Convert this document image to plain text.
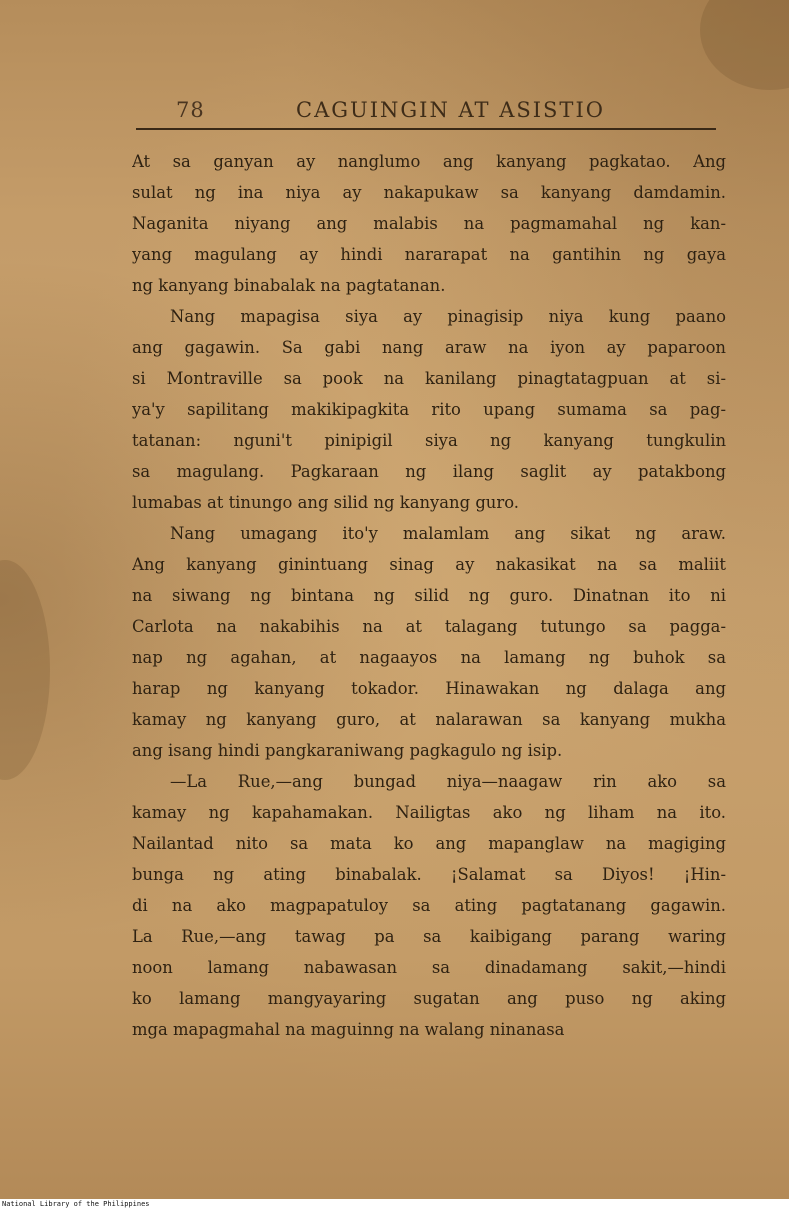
78	CAGUINGIN AT ASISTIO
At sa ganyan ay nanglumo ang kanyang pagkatao. Ang
sulat ng ina niya ay nakapukaw sa kanyang damdamin.
Naganita niyang ang malabis na pagmamahal ng kan-
yang magulang ay hindi nararapat na gantihin ng gaya
ng kanyang binabalak na pagtatanan.
Nang mapagisa siya ay pinagisip niya kung paano
ang gagawin. Sa gabi nang araw na iyon ay paparoon
si Montraville sa pook na kanilang pinagtatagpuan at si-
ya'y sapilitang makikipagkita rito upang sumama sa pag-
tatanan: nguni't pinipigil siya ng kanyang tungkulin
sa magulang. Pagkaraan ng ilang saglit ay patakbong
lumabas at tinungo ang silid ng kanyang guro.
Nang umagang ito'y malamlam ang sikat ng araw.
Ang kanyang ginintuang sinag ay nakasikat na sa maliit
na siwang ng bintana ng silid ng guro. Dinatnan ito ni
Carlota na nakabihis na at talagang tutungo sa pagga-
nap ng agahan, at nagaayos na lamang ng buhok sa
harap ng kanyang tokador. Hinawakan ng dalaga ang
kamay ng kanyang guro, at nalarawan sa kanyang mukha
ang isang hindi pangkaraniwang pagkagulo ng isip.
—La Rue,—ang bungad niya—naagaw rin ako sa
kamay ng kapahamakan. Nailigtas ako ng liham na ito.
Nailantad nito sa mata ko ang mapanglaw na magiging
bunga ng ating binabalak. ¡Salamat sa Diyos! ¡Hin-
di na ako magpapatuloy sa ating pagtatanang gagawin.
La Rue,—ang tawag pa sa kaibigang parang waring
noon lamang nabawasan sa dinadamang sakit,—hindi
ko lamang mangyayaring sugatan ang puso ng aking
mga mapagmahal na maguinng na walang ninanasa
National Library of the Philippines
